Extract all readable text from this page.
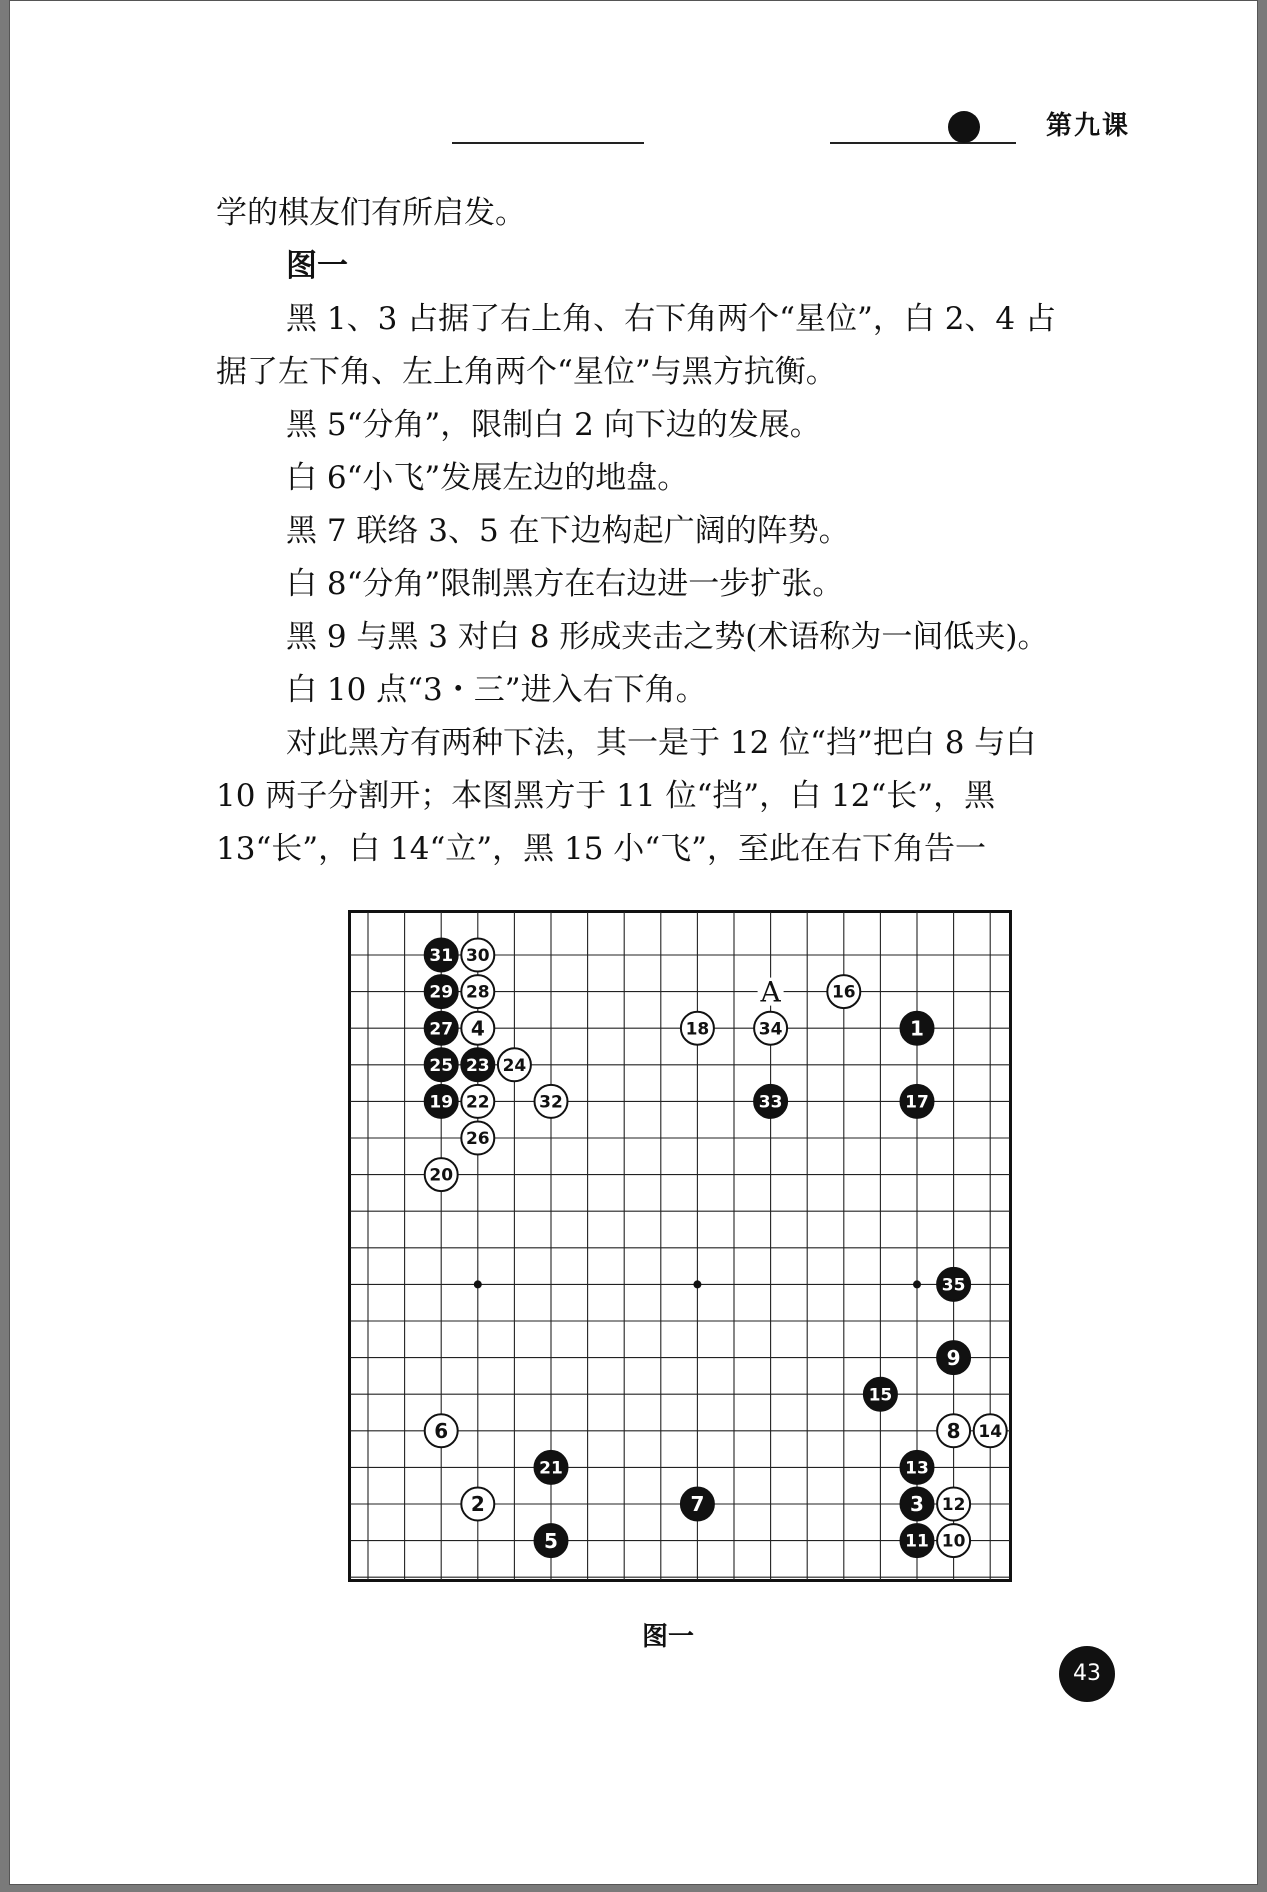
第九课
学的棋友们有所启发。
图一
黑 1、3 占据了右上角、右下角两个“星位”，白 2、4 占
据了左下角、左上角两个“星位”与黑方抗衡。
黑 5“分角”，限制白 2 向下边的发展。
白 6“小飞”发展左边的地盘。
黑 7 联络 3、5 在下边构起广阔的阵势。
白 8“分角”限制黑方在右边进一步扩张。
黑 9 与黑 3 对白 8 形成夹击之势(术语称为一间低夹)。
白 10 点“3・三”进入右下角。
对此黑方有两种下法，其一是于 12 位“挡”把白 8 与白
10 两子分割开；本图黑方于 11 位“挡”，白 12“长”，黑
13“长”，白 14“立”，黑 15 小“飞”，至此在右下角告一
A
1
2	3
4
5
6
7
8
9
10
11
12
13
14
15
16
17
18
19
20
21
22
23 24
25
26
27
28
29
30
31
32	33
34
35
图一
43
